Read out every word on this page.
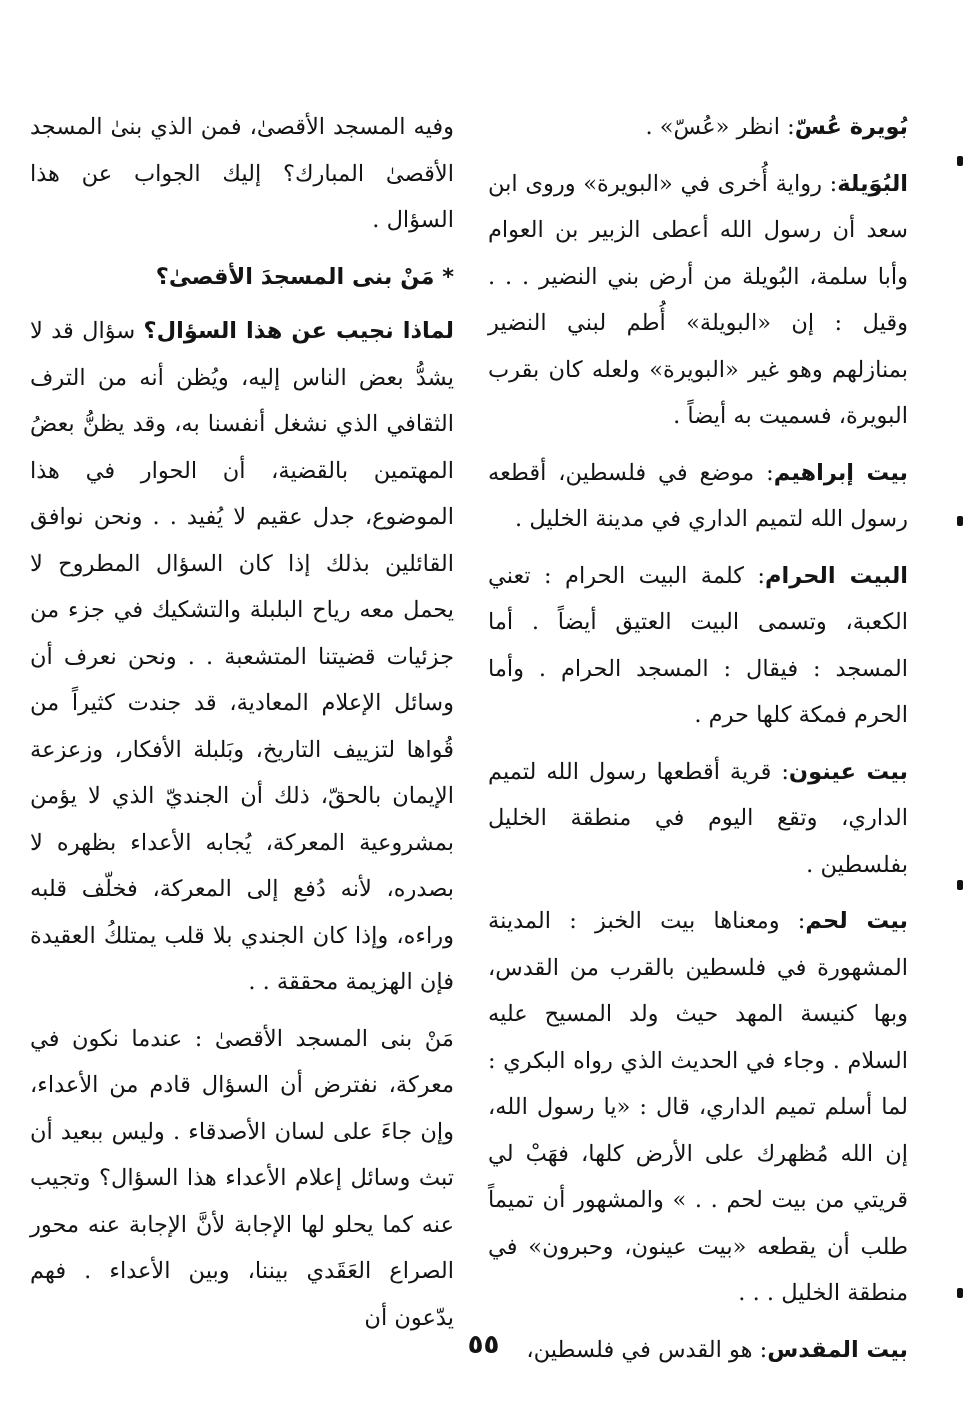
بُويرة عُسّ: انظر «عُسّ» .

البُوَيلة: رواية أُخرى في «البويرة» وروى ابن سعد أن رسول الله أعطى الزبير بن العوام وأبا سلمة، البُويلة من أرض بني النضير . . . وقيل : إن «البويلة» أُطم لبني النضير بمنازلهم وهو غير «البويرة» ولعله كان بقرب البويرة، فسميت به أيضاً .

بيت إبراهيم: موضع في فلسطين، أقطعه رسول الله لتميم الداري في مدينة الخليل .

البيت الحرام: كلمة البيت الحرام : تعني الكعبة، وتسمى البيت العتيق أيضاً . أما المسجد : فيقال : المسجد الحرام . وأما الحرم فمكة كلها حرم .

بيت عينون: قرية أقطعها رسول الله لتميم الداري، وتقع اليوم في منطقة الخليل بفلسطين .

بيت لحم: ومعناها بيت الخبز : المدينة المشهورة في فلسطين بالقرب من القدس، وبها كنيسة المهد حيث ولد المسيح عليه السلام . وجاء في الحديث الذي رواه البكري : لما أسلم تميم الداري، قال : «يا رسول الله، إن الله مُظهرك على الأرض كلها، فهَبْ لي قريتي من بيت لحم . . » والمشهور أن تميماً طلب أن يقطعه «بيت عينون، وحبرون» في منطقة الخليل . . .

بيت المقدس: هو القدس في فلسطين،

وفيه المسجد الأقصىٰ، فمن الذي بنىٰ المسجد الأقصىٰ المبارك؟ إليك الجواب عن هذا السؤال .

* مَنْ بنى المسجدَ الأقصىٰ؟

لماذا نجيب عن هذا السؤال؟ سؤال قد لا يشدُّ بعض الناس إليه، ويُظن أنه من الترف الثقافي الذي نشغل أنفسنا به، وقد يظنُّ بعضُ المهتمين بالقضية، أن الحوار في هذا الموضوع، جدل عقيم لا يُفيد . . ونحن نوافق القائلين بذلك إذا كان السؤال المطروح لا يحمل معه رياح البلبلة والتشكيك في جزء من جزئيات قضيتنا المتشعبة . . ونحن نعرف أن وسائل الإعلام المعادية، قد جندت كثيراً من قُواها لتزييف التاريخ، وبَلبلة الأفكار، وزعزعة الإيمان بالحقّ، ذلك أن الجنديّ الذي لا يؤمن بمشروعية المعركة، يُجابه الأعداء بظهره لا بصدره، لأنه دُفع إلى المعركة، فخلّف قلبه وراءه، وإذا كان الجندي بلا قلب يمتلكُ العقيدة فإن الهزيمة محققة . .

مَنْ بنى المسجد الأقصىٰ : عندما نكون في معركة، نفترض أن السؤال قادم من الأعداء، وإن جاءَ على لسان الأصدقاء . وليس ببعيد أن تبث وسائل إعلام الأعداء هذا السؤال؟ وتجيب عنه كما يحلو لها الإجابة لأنَّ الإجابة عنه محور الصراع العَقَدي بيننا، وبين الأعداء . فهم يدّعون أن

٥٥
